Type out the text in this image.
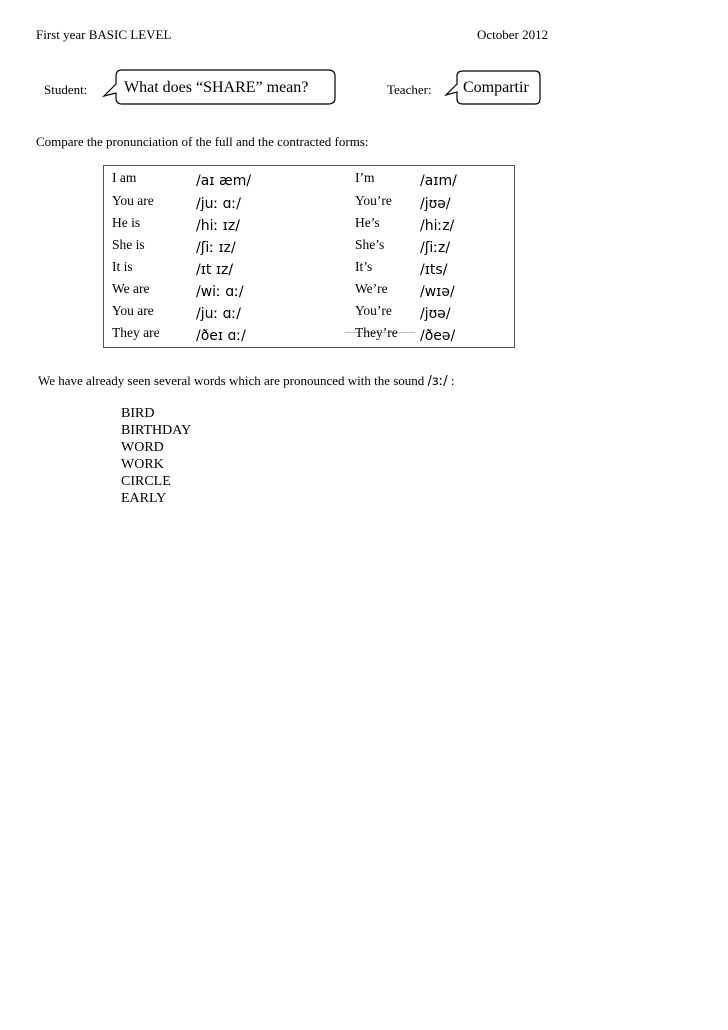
First year BASIC LEVEL	October 2012
Student: What does “SHARE” mean?	Teacher: Compartir
Compare the pronunciation of the full and the contracted forms:
I am	/aɪ æm/	I’m	/aɪm/
You are	/juː ɑː/	You’re /jʊə/
He is	/hiː ɪz/	He’s	/hiːz/
She is	/ʃiː ɪz/	She’s	/ʃiːz/
It is	/ɪt ɪz/	It’s	/ɪts/
We are	/wiː ɑː/	We’re /wɪə/
You are	/juː ɑː/	You’re /jʊə/
They are	/ðeɪ ɑː/	They’re /ðeə/
We have already seen several words which are pronounced with the sound /ɜː/ :
BIRD
BIRTHDAY
WORD
WORK
CIRCLE
EARLY
